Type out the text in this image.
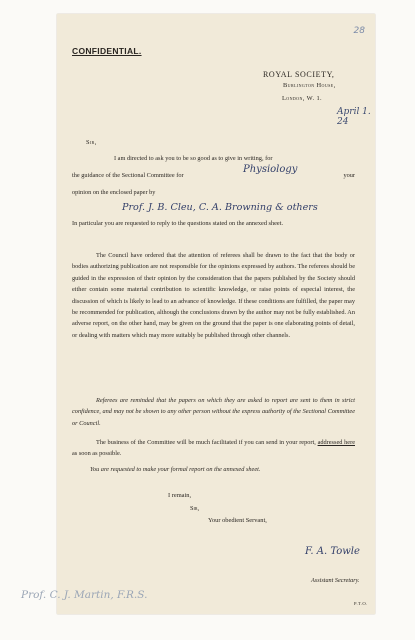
28
CONFIDENTIAL.
ROYAL SOCIETY,
Burlington House,
London, W. 1.
April 1. 24
Sir,
I am directed to ask you to be so good as to give in writing, for
the guidance of the Sectional Committee for	your
Physiology
opinion on the enclosed paper by
Prof. J. B. Cleu, C. A. Browning & others
In particular you are requested to reply to the questions stated on the annexed sheet.
The Council have ordered that the attention of referees shall be drawn to the fact that the body or bodies authorizing publication are not responsible for the opinions expressed by authors. The referees should be guided in the expression of their opinion by the consideration that the papers published by the Society should either contain some material contribution to scientific knowledge, or raise points of especial interest, the discussion of which is likely to lead to an advance of knowledge. If these conditions are fulfilled, the paper may be recommended for publication, although the conclusions drawn by the author may not be fully established. An adverse report, on the other hand, may be given on the ground that the paper is one elaborating points of detail, or dealing with matters which may more suitably be published through other channels.
Referees are reminded that the papers on which they are asked to report are sent to them in strict confidence, and may not be shown to any other person without the express authority of the Sectional Committee or Council.
The business of the Committee will be much facilitated if you can send in your report, addressed here as soon as possible.
You are requested to make your formal report on the annexed sheet.
I remain,
Sir,
Your obedient Servant,
F. A. Towle
Assistant Secretary.
P.T.O.
Prof. C. J. Martin, F.R.S.
